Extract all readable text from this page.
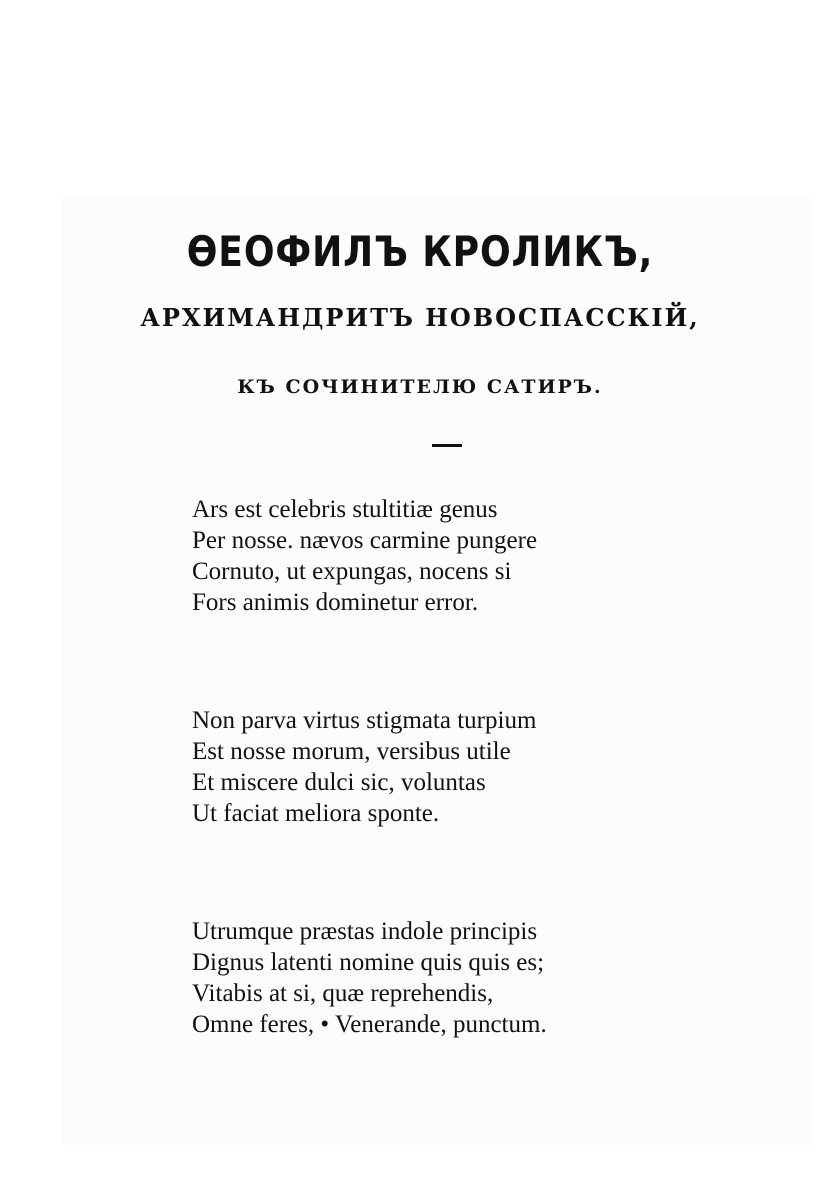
ѲЕОФИЛЪ КРОЛИКЪ,
АРХИМАНДРИТЪ НОВОСПАССКІЙ,
КЪ СОЧИНИТЕЛЮ САТИРЪ.
Ars est celebris stultitiæ genus
Per nosse. nævos carmine pungere
Cornuto, ut expungas, nocens si
Fors animis dominetur error.
Non parva virtus stigmata turpium
Est nosse morum, versibus utile
Et miscere dulci sic, voluntas
Ut faciat meliora sponte.
Utrumque præstas indole principis
Dignus latenti nomine quis quis es;
Vitabis at si, quæ reprehendis,
Omne feres, • Venerande, punctum.
